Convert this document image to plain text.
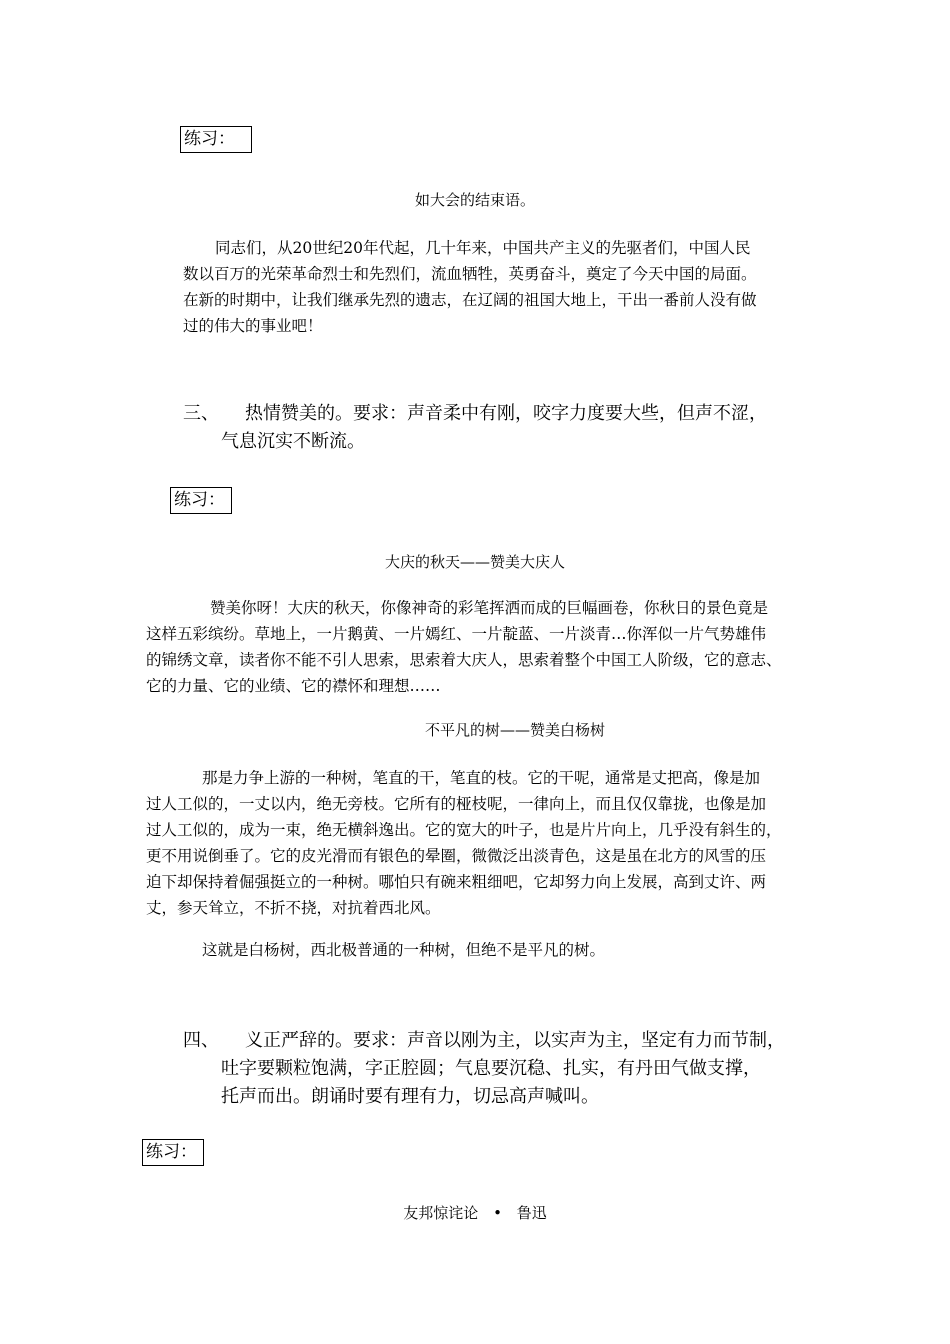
练习：
如大会的结束语。
同志们，从20世纪20年代起，几十年来，中国共产主义的先驱者们，中国人民
数以百万的光荣革命烈士和先烈们，流血牺牲，英勇奋斗，奠定了今天中国的局面。
在新的时期中，让我们继承先烈的遗志，在辽阔的祖国大地上，干出一番前人没有做
过的伟大的事业吧！
三、 热情赞美的。要求：声音柔中有刚，咬字力度要大些，但声不涩，
气息沉实不断流。
练习：
大庆的秋天——赞美大庆人
赞美你呀！大庆的秋天，你像神奇的彩笔挥洒而成的巨幅画卷，你秋日的景色竟是
这样五彩缤纷。草地上，一片鹅黄、一片嫣红、一片靛蓝、一片淡青…你浑似一片气势雄伟
的锦绣文章，读者你不能不引人思索，思索着大庆人，思索着整个中国工人阶级，它的意志、
它的力量、它的业绩、它的襟怀和理想……
不平凡的树——赞美白杨树
那是力争上游的一种树，笔直的干，笔直的枝。它的干呢，通常是丈把高，像是加
过人工似的，一丈以内，绝无旁枝。它所有的桠枝呢，一律向上，而且仅仅靠拢，也像是加
过人工似的，成为一束，绝无横斜逸出。它的宽大的叶子，也是片片向上，几乎没有斜生的，
更不用说倒垂了。它的皮光滑而有银色的晕圈，微微泛出淡青色，这是虽在北方的风雪的压
迫下却保持着倔强挺立的一种树。哪怕只有碗来粗细吧，它却努力向上发展，高到丈许、两
丈，参天耸立，不折不挠，对抗着西北风。
这就是白杨树，西北极普通的一种树，但绝不是平凡的树。
四、 义正严辞的。要求：声音以刚为主，以实声为主，坚定有力而节制，
吐字要颗粒饱满，字正腔圆；气息要沉稳、扎实，有丹田气做支撑，
托声而出。朗诵时要有理有力，切忌高声喊叫。
练习：
友邦惊诧论 • 鲁迅
